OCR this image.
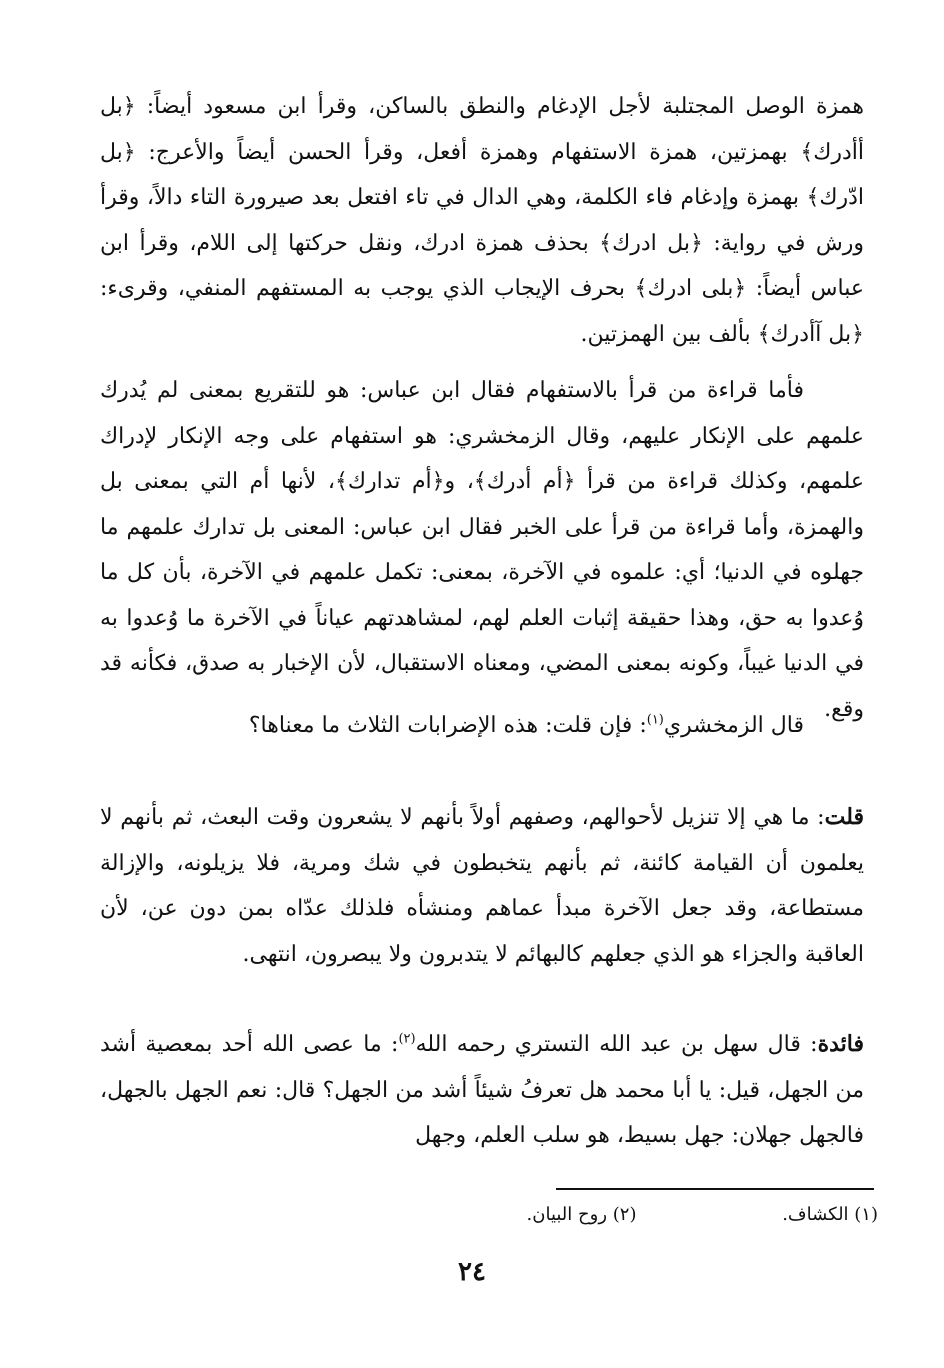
همزة الوصل المجتلبة لأجل الإدغام والنطق بالساكن، وقرأ ابن مسعود أيضاً: ﴿بل أأدرك﴾ بهمزتين، همزة الاستفهام وهمزة أفعل، وقرأ الحسن أيضاً والأعرج: ﴿بل ادّرك﴾ بهمزة وإدغام فاء الكلمة، وهي الدال في تاء افتعل بعد صيرورة التاء دالاً، وقرأ ورش في رواية: ﴿بل ادرك﴾ بحذف همزة ادرك، ونقل حركتها إلى اللام، وقرأ ابن عباس أيضاً: ﴿بلى ادرك﴾ بحرف الإيجاب الذي يوجب به المستفهم المنفي، وقرىء: ﴿بل آأدرك﴾ بألف بين الهمزتين.

فأما قراءة من قرأ بالاستفهام فقال ابن عباس: هو للتقريع بمعنى لم يُدرك علمهم على الإنكار عليهم، وقال الزمخشري: هو استفهام على وجه الإنكار لإدراك علمهم، وكذلك قراءة من قرأ ﴿أم أدرك﴾، و﴿أم تدارك﴾، لأنها أم التي بمعنى بل والهمزة، وأما قراءة من قرأ على الخبر فقال ابن عباس: المعنى بل تدارك علمهم ما جهلوه في الدنيا؛ أي: علموه في الآخرة، بمعنى: تكمل علمهم في الآخرة، بأن كل ما وُعدوا به حق، وهذا حقيقة إثبات العلم لهم، لمشاهدتهم عياناً في الآخرة ما وُعدوا به في الدنيا غيباً، وكونه بمعنى المضي، ومعناه الاستقبال، لأن الإخبار به صدق، فكأنه قد وقع.

قال الزمخشري$^{(١)}$: فإن قلت: هذه الإضرابات الثلاث ما معناها؟

قلت: ما هي إلا تنزيل لأحوالهم، وصفهم أولاً بأنهم لا يشعرون وقت البعث، ثم بأنهم لا يعلمون أن القيامة كائنة، ثم بأنهم يتخبطون في شك ومرية، فلا يزيلونه، والإزالة مستطاعة، وقد جعل الآخرة مبدأ عماهم ومنشأه فلذلك عدّاه بمن دون عن، لأن العاقبة والجزاء هو الذي جعلهم كالبهائم لا يتدبرون ولا يبصرون، انتهى.

فائدة: قال سهل بن عبد الله التستري رحمه الله$^{(٢)}$: ما عصى الله أحد بمعصية أشد من الجهل، قيل: يا أبا محمد هل تعرفُ شيئاً أشد من الجهل؟ قال: نعم الجهل بالجهل، فالجهل جهلان: جهل بسيط، هو سلب العلم، وجهل

(١) الكشاف. (٢) روح البيان.
٢٤
